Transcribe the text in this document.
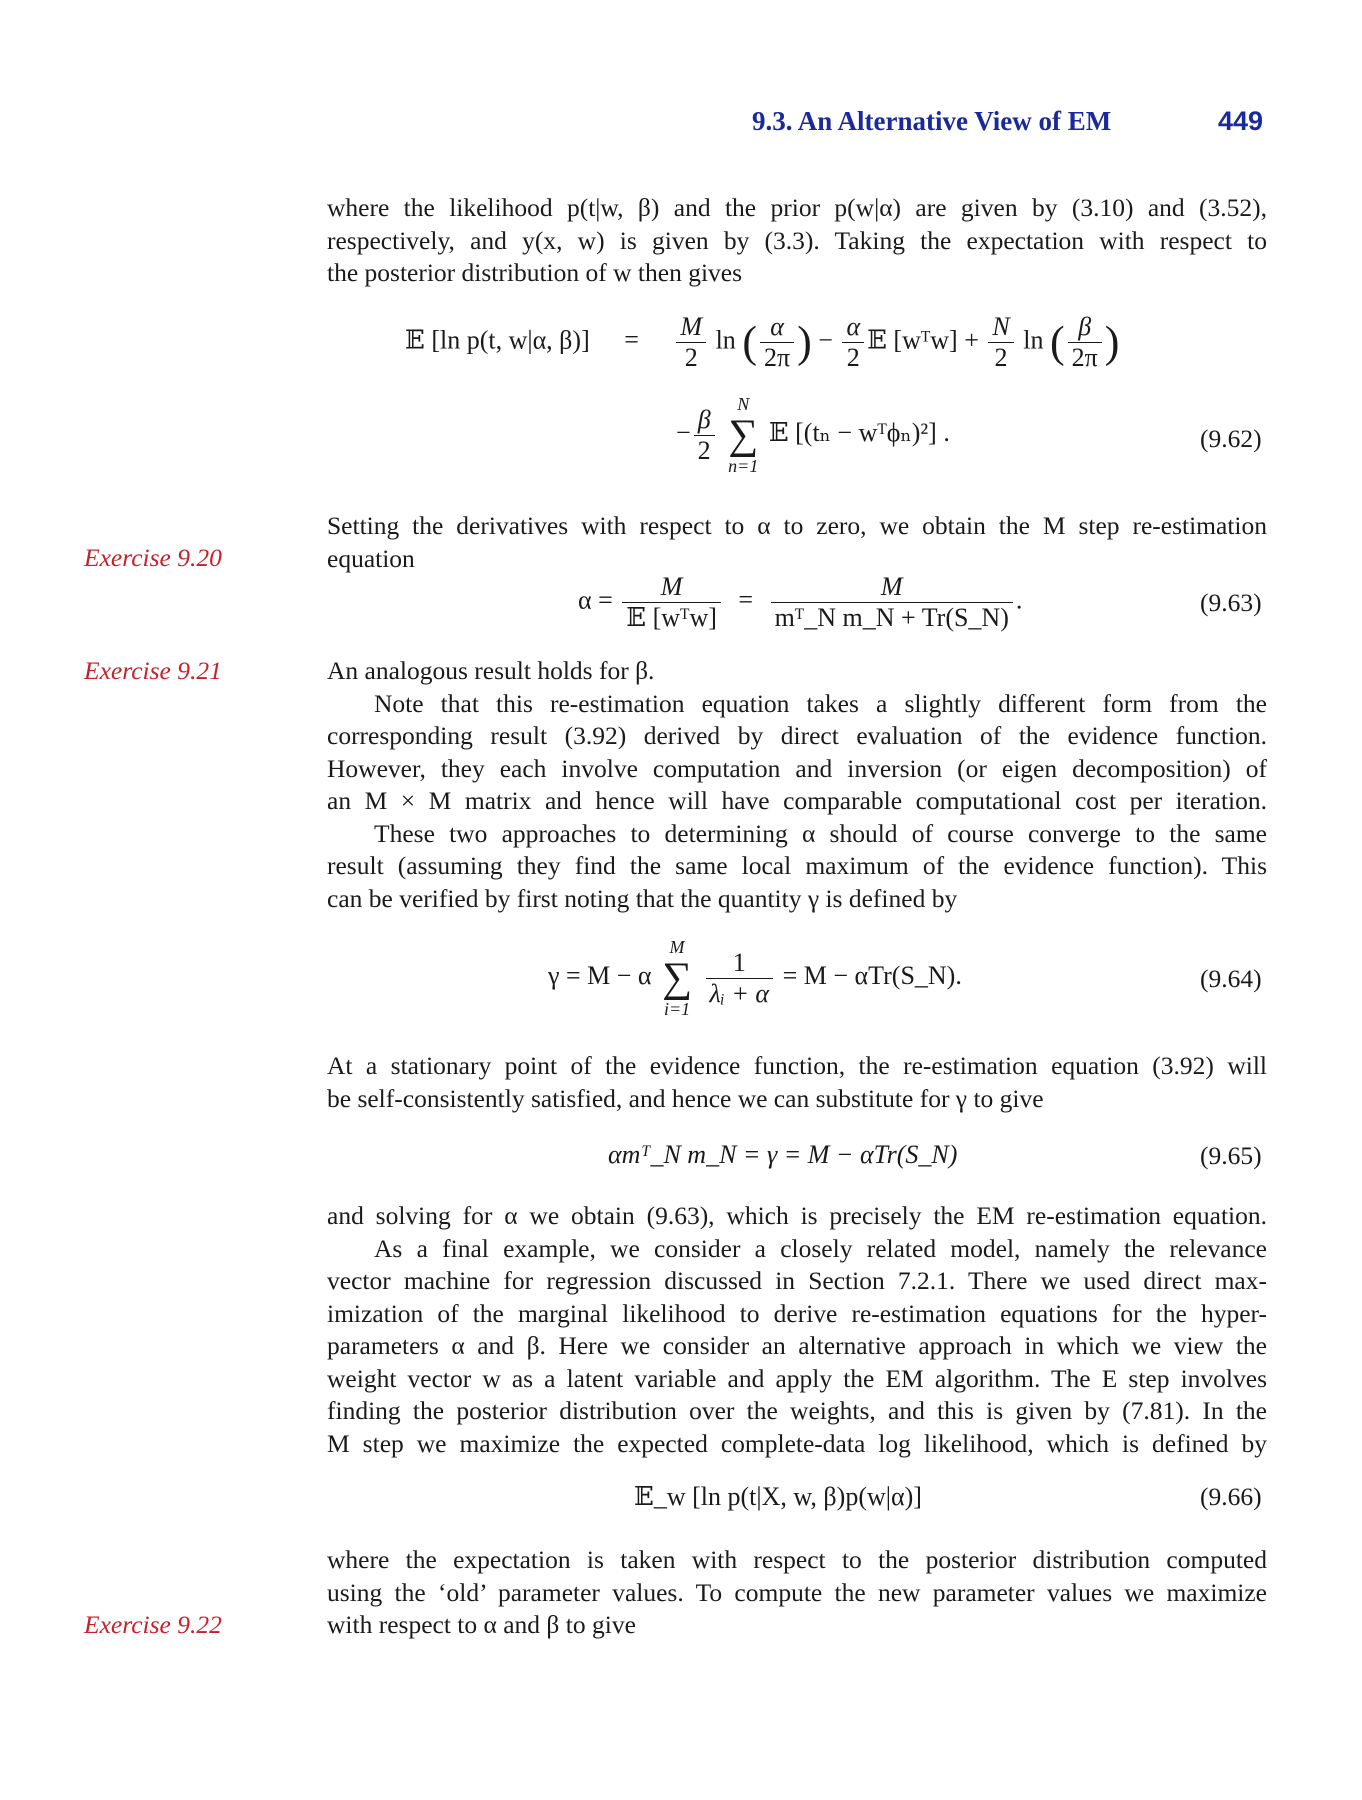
9.3. An Alternative View of EM	449
where the likelihood p(t|w, β) and the prior p(w|α) are given by (3.10) and (3.52),
respectively, and y(x, w) is given by (3.3). Taking the expectation with respect to
the posterior distribution of w then gives
𝔼 [ln p(t, w|α, $\beta)] = \frac{M}{2}$ ln ( $\frac{\alpha}{2\pi}$ ) − $\frac{\alpha}{2}$ 𝔼 [wᵀw] + $\frac{N}{2}$ ln ( $\frac{\beta}{2\pi}$ )
− $\frac{\beta}{2}$

N
∑
n=1
𝔼 [(tₙ − wᵀϕₙ)²] .	(9.62)
Setting the derivatives with respect to α to zero, we obtain the M step re-estimation
equation
Exercise 9.20
$\alpha = \frac{M}{\text{𝔼 [wᵀw]}} = \frac{M}{\text{mᵀ\_N m\_N + Tr(S\_N)}}$ .	(9.63)
Exercise 9.21	An analogous result holds for β.
Note that this re-estimation equation takes a slightly different form from the
corresponding result (3.92) derived by direct evaluation of the evidence function.
However, they each involve computation and inversion (or eigen decomposition) of
an M × M matrix and hence will have comparable computational cost per iteration.
These two approaches to determining α should of course converge to the same
result (assuming they find the same local maximum of the evidence function). This
can be verified by first noting that the quantity γ is defined by
γ = M − α
M
∑
i=1

$\frac{1}{\text{λᵢ + α}} = M$ − αTr(S_N).	(9.64)
At a stationary point of the evidence function, the re-estimation equation (3.92) will
be self-consistently satisfied, and hence we can substitute for γ to give
αmᵀ_N m_N = γ = M − αTr(S_N)	(9.65)
and solving for α we obtain (9.63), which is precisely the EM re-estimation equation.
As a final example, we consider a closely related model, namely the relevance
vector machine for regression discussed in Section 7.2.1. There we used direct max-
imization of the marginal likelihood to derive re-estimation equations for the hyper-
parameters α and β. Here we consider an alternative approach in which we view the
weight vector w as a latent variable and apply the EM algorithm. The E step involves
finding the posterior distribution over the weights, and this is given by (7.81). In the
M step we maximize the expected complete-data log likelihood, which is defined by
𝔼_w [ln p(t|X, w, β)p(w|α)]	(9.66)
where the expectation is taken with respect to the posterior distribution computed
using the ‘old’ parameter values. To compute the new parameter values we maximize
with respect to α and β to give
Exercise 9.22
